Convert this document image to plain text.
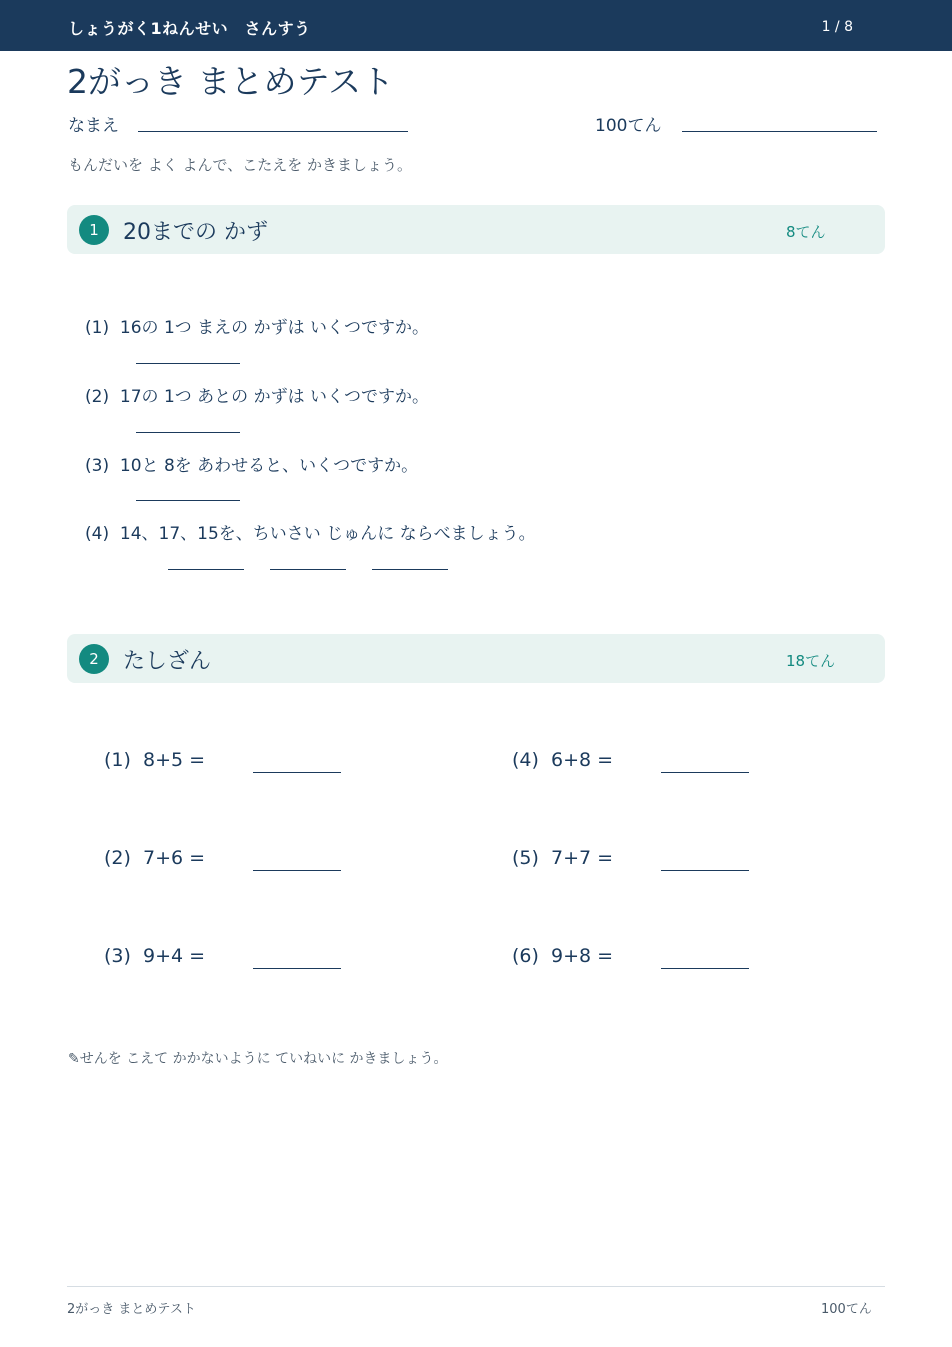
しょうがく1ねんせい　さんすう	1 / 8
2がっき まとめテスト
なまえ	100てん
もんだいを よく よんで、こたえを かきましょう。
1	20までの かず	8てん
(1) 16の 1つ まえの かずは いくつですか。
(2) 17の 1つ あとの かずは いくつですか。
(3) 10と 8を あわせると、いくつですか。
(4) 14、17、15を、ちいさい じゅんに ならべましょう。
2	たしざん	18てん
(1) 8+5 =
(2) 7+6 =
(3) 9+4 =
(4) 6+8 =
(5) 7+7 =
(6) 9+8 =
✎せんを こえて かかないように ていねいに かきましょう。
2がっき まとめテスト	100てん
